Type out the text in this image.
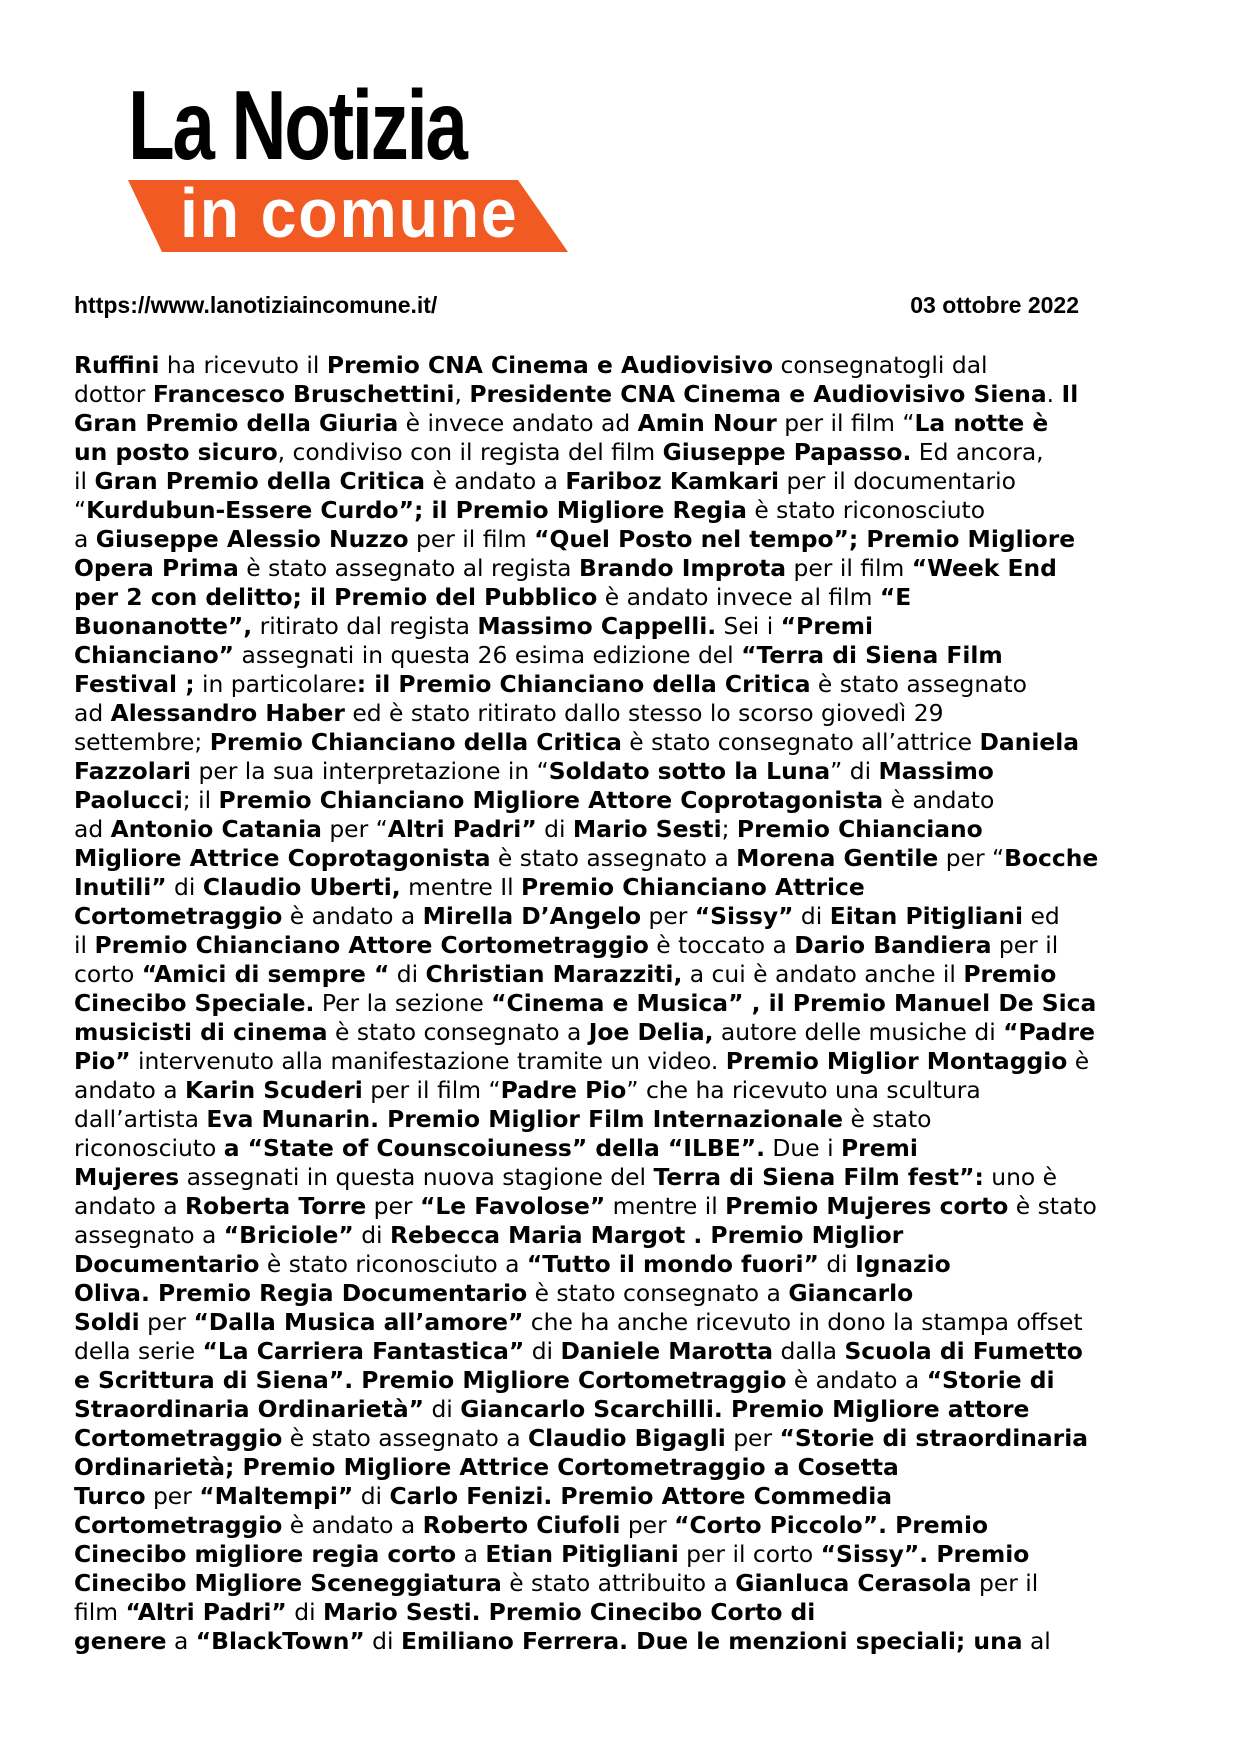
La Notizia
in comune
https://www.lanotiziaincomune.it/	03 ottobre 2022
Ruffini ha ricevuto il Premio CNA Cinema e Audiovisivo consegnatogli dal
dottor Francesco Bruschettini, Presidente CNA Cinema e Audiovisivo Siena. Il
Gran Premio della Giuria è invece andato ad Amin Nour per il film “La notte è
un posto sicuro, condiviso con il regista del film Giuseppe Papasso. Ed ancora,
il Gran Premio della Critica è andato a Fariboz Kamkari per il documentario
“Kurdubun-Essere Curdo”; il Premio Migliore Regia è stato riconosciuto
a Giuseppe Alessio Nuzzo per il film “Quel Posto nel tempo”; Premio Migliore
Opera Prima è stato assegnato al regista Brando Improta per il film “Week End
per 2 con delitto; il Premio del Pubblico è andato invece al film “E
Buonanotte”, ritirato dal regista Massimo Cappelli. Sei i “Premi
Chianciano” assegnati in questa 26 esima edizione del “Terra di Siena Film
Festival ; in particolare: il Premio Chianciano della Critica è stato assegnato
ad Alessandro Haber ed è stato ritirato dallo stesso lo scorso giovedì 29
settembre; Premio Chianciano della Critica è stato consegnato all’attrice Daniela
Fazzolari per la sua interpretazione in “Soldato sotto la Luna” di Massimo
Paolucci; il Premio Chianciano Migliore Attore Coprotagonista è andato
ad Antonio Catania per “Altri Padri” di Mario Sesti; Premio Chianciano
Migliore Attrice Coprotagonista è stato assegnato a Morena Gentile per “Bocche
Inutili” di Claudio Uberti, mentre Il Premio Chianciano Attrice
Cortometraggio è andato a Mirella D’Angelo per “Sissy” di Eitan Pitigliani ed
il Premio Chianciano Attore Cortometraggio è toccato a Dario Bandiera per il
corto “Amici di sempre “ di Christian Marazziti, a cui è andato anche il Premio
Cinecibo Speciale. Per la sezione “Cinema e Musica” , il Premio Manuel De Sica
musicisti di cinema è stato consegnato a Joe Delia, autore delle musiche di “Padre
Pio” intervenuto alla manifestazione tramite un video. Premio Miglior Montaggio è
andato a Karin Scuderi per il film “Padre Pio” che ha ricevuto una scultura
dall’artista Eva Munarin. Premio Miglior Film Internazionale è stato
riconosciuto a “State of Counscoiuness” della “ILBE”. Due i Premi
Mujeres assegnati in questa nuova stagione del Terra di Siena Film fest”: uno è
andato a Roberta Torre per “Le Favolose” mentre il Premio Mujeres corto è stato
assegnato a “Briciole” di Rebecca Maria Margot . Premio Miglior
Documentario è stato riconosciuto a “Tutto il mondo fuori” di Ignazio
Oliva. Premio Regia Documentario è stato consegnato a Giancarlo
Soldi per “Dalla Musica all’amore” che ha anche ricevuto in dono la stampa offset
della serie “La Carriera Fantastica” di Daniele Marotta dalla Scuola di Fumetto
e Scrittura di Siena”. Premio Migliore Cortometraggio è andato a “Storie di
Straordinaria Ordinarietà” di Giancarlo Scarchilli. Premio Migliore attore
Cortometraggio è stato assegnato a Claudio Bigagli per “Storie di straordinaria
Ordinarietà; Premio Migliore Attrice Cortometraggio a Cosetta
Turco per “Maltempi” di Carlo Fenizi. Premio Attore Commedia
Cortometraggio è andato a Roberto Ciufoli per “Corto Piccolo”. Premio
Cinecibo migliore regia corto a Etian Pitigliani per il corto “Sissy”. Premio
Cinecibo Migliore Sceneggiatura è stato attribuito a Gianluca Cerasola per il
film “Altri Padri” di Mario Sesti. Premio Cinecibo Corto di
genere a “BlackTown” di Emiliano Ferrera. Due le menzioni speciali; una al
